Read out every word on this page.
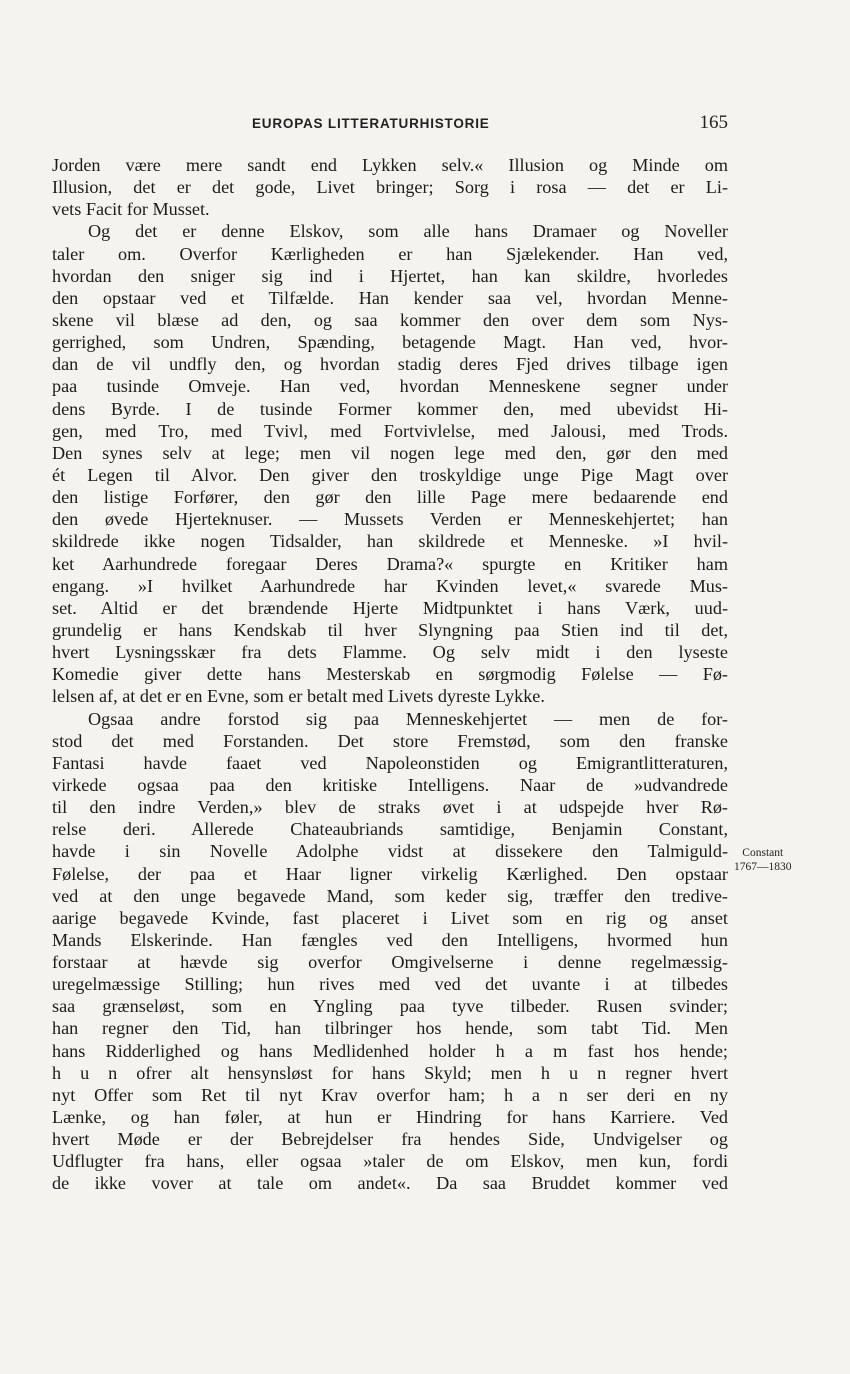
EUROPAS LITTERATURHISTORIE	165
Jorden være mere sandt end Lykken selv.« Illusion og Minde om
Illusion, det er det gode, Livet bringer; Sorg i rosa — det er Li-
vets Facit for Musset.
Og det er denne Elskov, som alle hans Dramaer og Noveller
taler om. Overfor Kærligheden er han Sjælekender. Han ved,
hvordan den sniger sig ind i Hjertet, han kan skildre, hvorledes
den opstaar ved et Tilfælde. Han kender saa vel, hvordan Menne-
skene vil blæse ad den, og saa kommer den over dem som Nys-
gerrighed, som Undren, Spænding, betagende Magt. Han ved, hvor-
dan de vil undfly den, og hvordan stadig deres Fjed drives tilbage igen
paa tusinde Omveje. Han ved, hvordan Menneskene segner under
dens Byrde. I de tusinde Former kommer den, med ubevidst Hi-
gen, med Tro, med Tvivl, med Fortvivlelse, med Jalousi, med Trods.
Den synes selv at lege; men vil nogen lege med den, gør den med
ét Legen til Alvor. Den giver den troskyldige unge Pige Magt over
den listige Forfører, den gør den lille Page mere bedaarende end
den øvede Hjerteknuser. — Mussets Verden er Menneskehjertet; han
skildrede ikke nogen Tidsalder, han skildrede et Menneske. »I hvil-
ket Aarhundrede foregaar Deres Drama?« spurgte en Kritiker ham
engang. »I hvilket Aarhundrede har Kvinden levet,« svarede Mus-
set. Altid er det brændende Hjerte Midtpunktet i hans Værk, uud-
grundelig er hans Kendskab til hver Slyngning paa Stien ind til det,
hvert Lysningsskær fra dets Flamme. Og selv midt i den lyseste
Komedie giver dette hans Mesterskab en sørgmodig Følelse — Fø-
lelsen af, at det er en Evne, som er betalt med Livets dyreste Lykke.
Ogsaa andre forstod sig paa Menneskehjertet — men de for-
stod det med Forstanden. Det store Fremstød, som den franske
Fantasi havde faaet ved Napoleonstiden og Emigrantlitteraturen,
virkede ogsaa paa den kritiske Intelligens. Naar de »udvandrede
til den indre Verden,» blev de straks øvet i at udspejde hver Rø-
relse deri. Allerede Chateaubriands samtidige, Benjamin Constant,
havde i sin Novelle Adolphe vidst at dissekere den Talmiguld-
Følelse, der paa et Haar ligner virkelig Kærlighed. Den opstaar
ved at den unge begavede Mand, som keder sig, træffer den tredive-
aarige begavede Kvinde, fast placeret i Livet som en rig og anset
Mands Elskerinde. Han fængles ved den Intelligens, hvormed hun
forstaar at hævde sig overfor Omgivelserne i denne regelmæssig-
uregelmæssige Stilling; hun rives med ved det uvante i at tilbedes
saa grænseløst, som en Yngling paa tyve tilbeder. Rusen svinder;
han regner den Tid, han tilbringer hos hende, som tabt Tid. Men
hans Ridderlighed og hans Medlidenhed holder h a m fast hos hende;
h u n ofrer alt hensynsløst for hans Skyld; men h u n regner hvert
nyt Offer som Ret til nyt Krav overfor ham; h a n ser deri en ny
Lænke, og han føler, at hun er Hindring for hans Karriere. Ved
hvert Møde er der Bebrejdelser fra hendes Side, Undvigelser og
Udflugter fra hans, eller ogsaa »taler de om Elskov, men kun, fordi
de ikke vover at tale om andet«. Da saa Bruddet kommer ved
Constant
1767—1830
